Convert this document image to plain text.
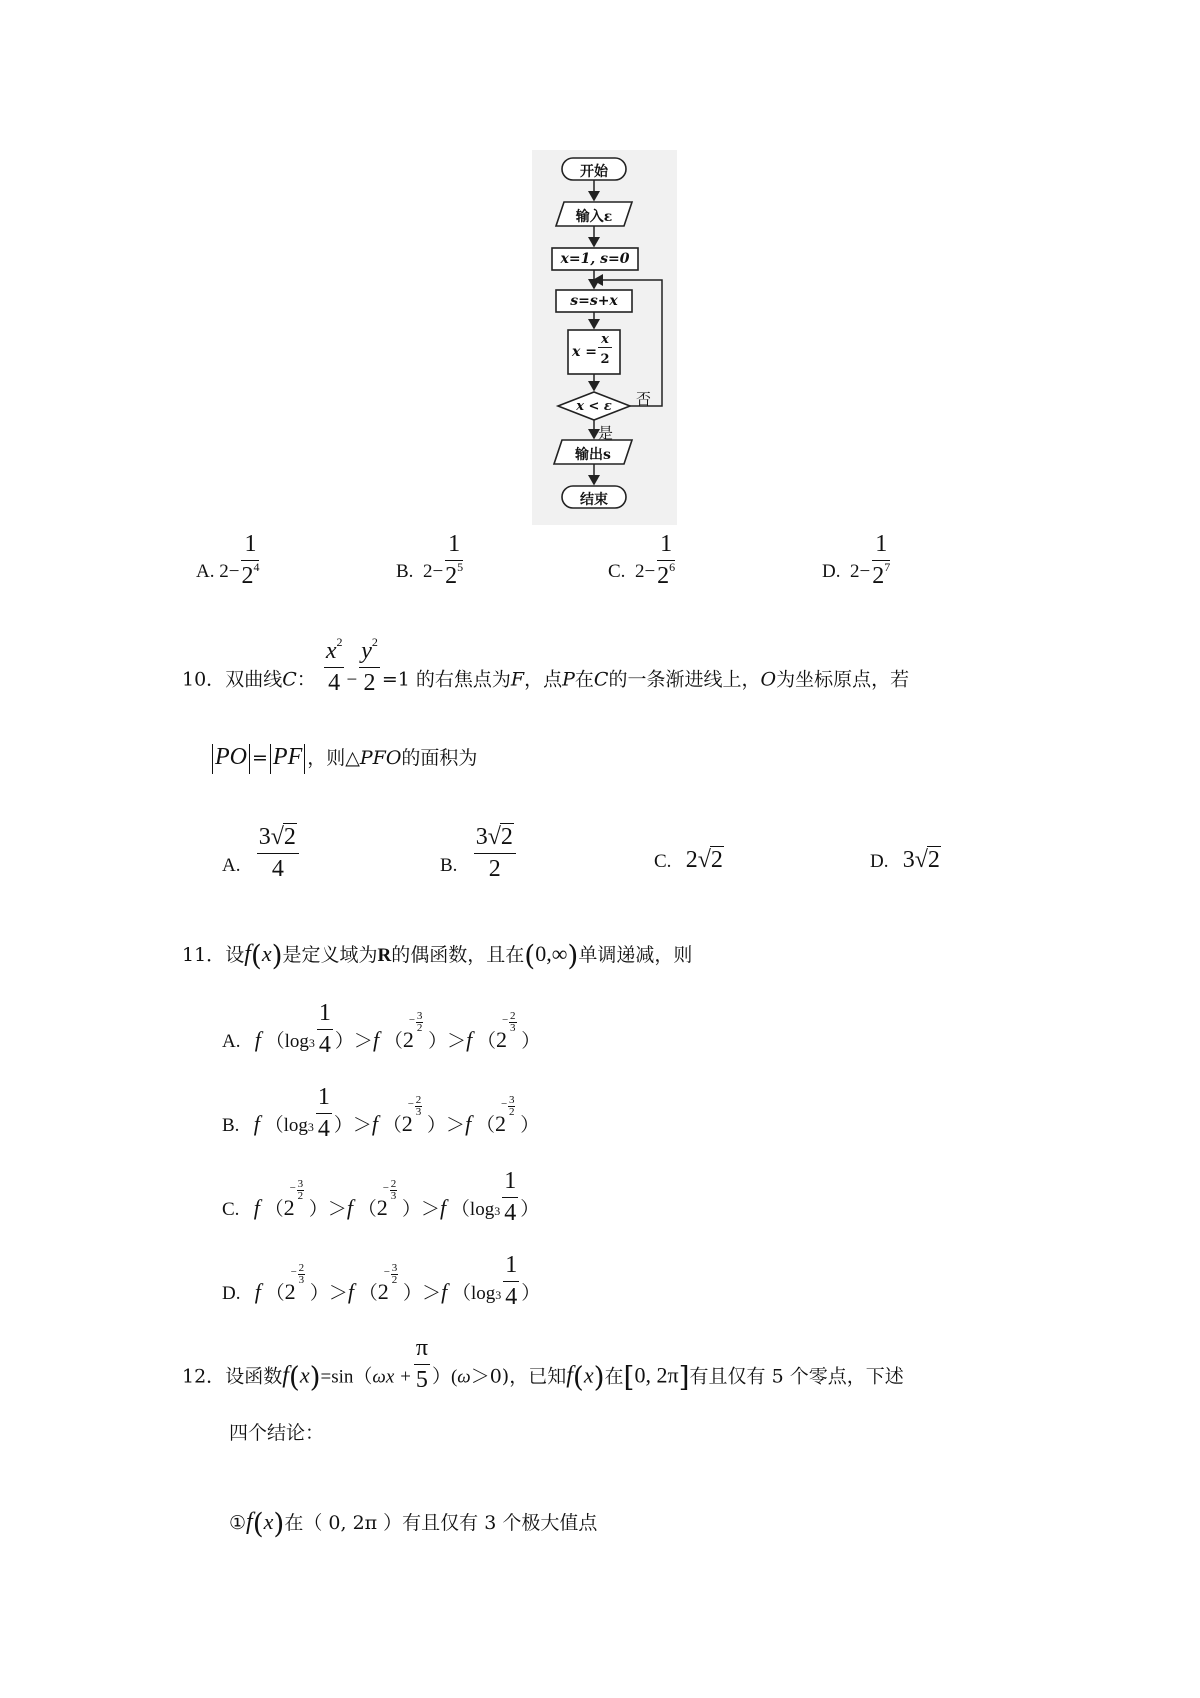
开始
输入ε
x=1, s=0
s=s+x
x =
x
2
x < ε	否
是
输出s
结束
A. $2- \frac{1}{2^4}$	B. $2- \frac{1}{2^5}$	C. $2- \frac{1}{2^6}$	D. $2- \frac{1}{2^7}$
10．双曲线C： $\frac{x^2}{4} - \frac{y^2}{2} =1$ 的右焦点为F，点P在C的一条渐进线上，O为坐标原点，若
PO = PF ，则△PFO的面积为
A. $\frac{3√2}{4}$	B. $\frac{3√2}{2}$	C. 2√2	D. 3√2
11．设f(x)是定义域为R的偶函数，且在(0,∞)单调递减，则
A. f $(\log 3 \frac{1}{4} )>f$ （2
− 3
2
）＞f （2
− 2
3
）
B. f $(\log 3 \frac{1}{4} )>f$ （2
− 2
3
）＞f （2
− 3
2
）
C. f （2
− 3
2
）＞f （2
− 2
3
）＞f （$\log 3 \frac{1}{4}$ ）
D. f （2
− 2
3
）＞f （2
− 3
2
）＞f （$\log 3 \frac{1}{4}$ ）
12．设函数$f(x)=\sin(\omega x + \frac{\pi}{5} )(\omega>0)$，已知f(x)在[0, 2π]有且仅有 5 个零点，下述
四个结论：
①f(x)在（ 0, 2π ）有且仅有 3 个极大值点
